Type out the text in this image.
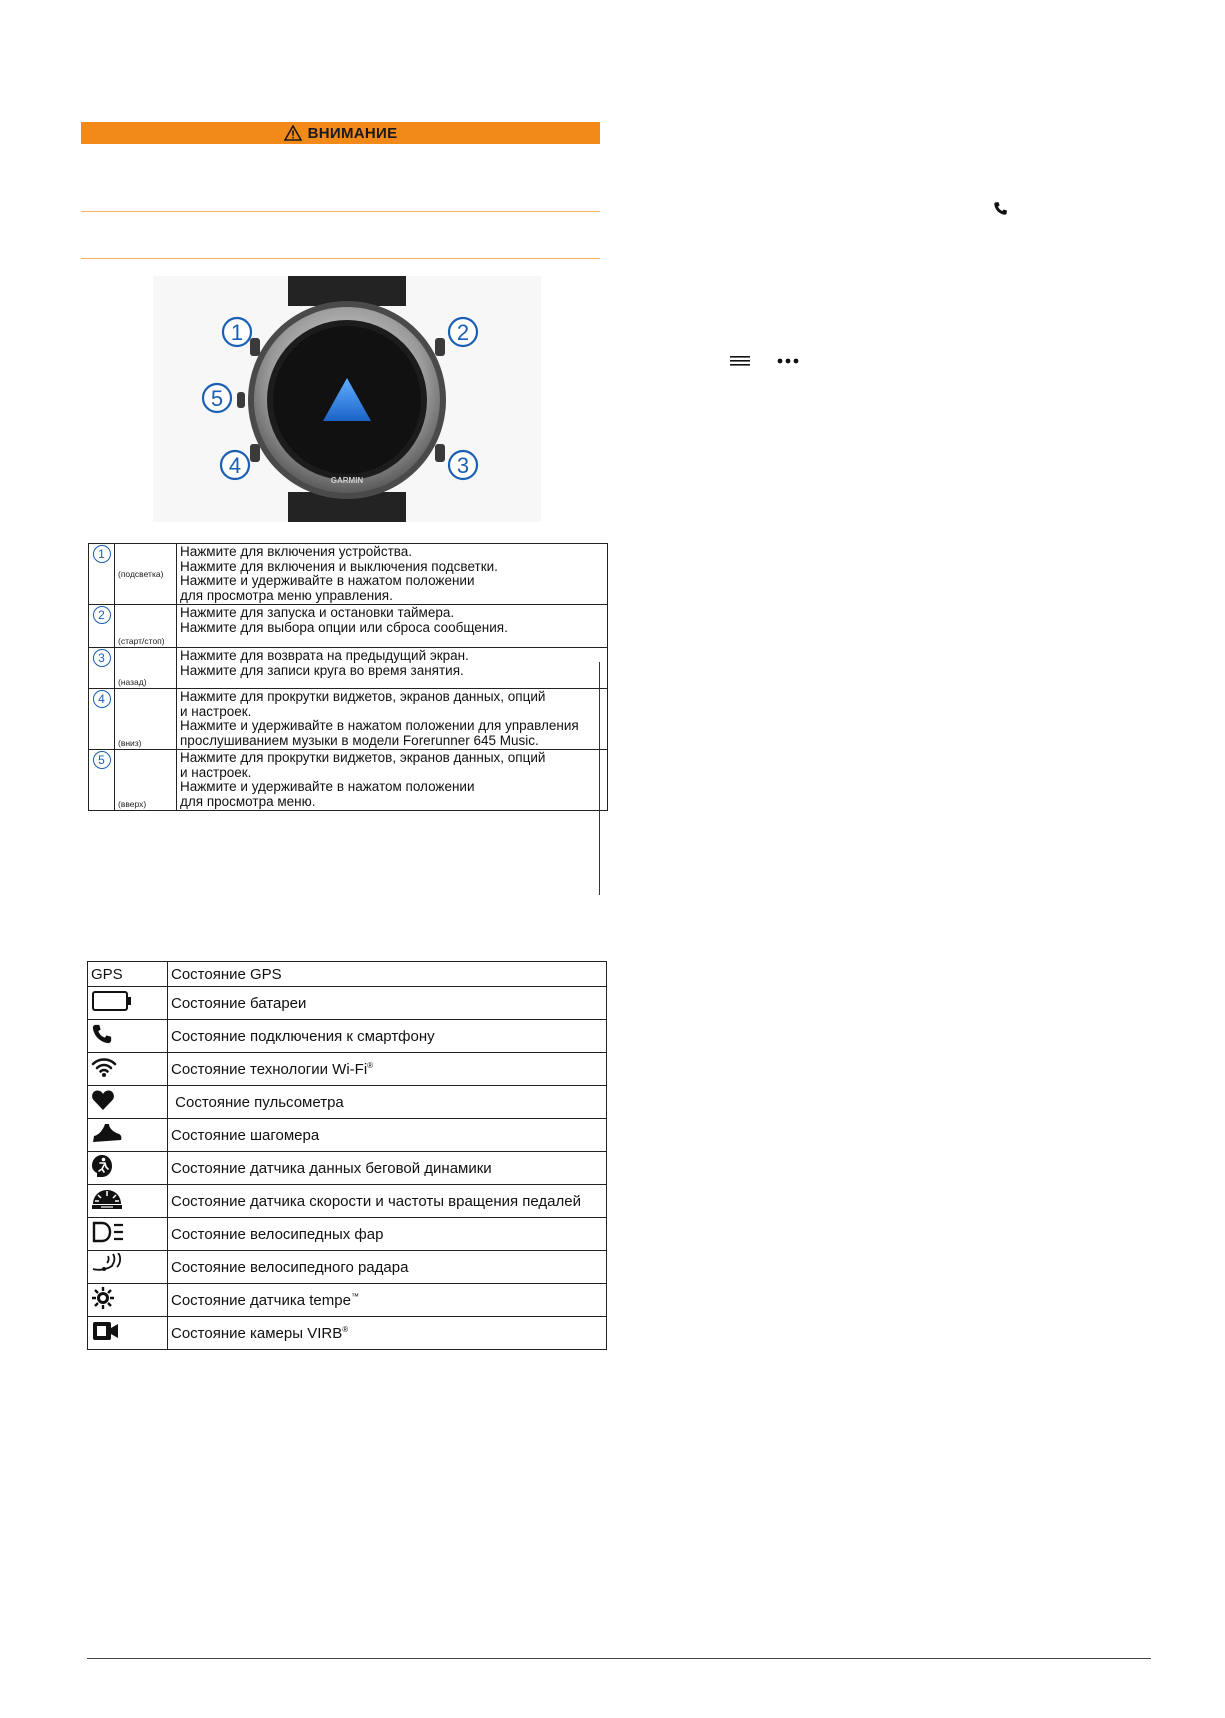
ВНИМАНИЕ
GARMIN
1	2
3
4
5
1	(подсветка)	Нажмите для включения устройства.
Нажмите для включения и выключения подсветки.
Нажмите и удерживайте в нажатом положении
для просмотра меню управления.

2	(старт/стоп)	Нажмите для запуска и остановки таймера.
Нажмите для выбора опции или сброса сообщения.

3	(назад)	Нажмите для возврата на предыдущий экран.
Нажмите для записи круга во время занятия.

4	(вниз)	Нажмите для прокрутки виджетов, экранов данных, опций
и настроек.
Нажмите и удерживайте в нажатом положении для управления
прослушиванием музыки в модели Forerunner 645 Music.

5	(вверх)	Нажмите для прокрутки виджетов, экранов данных, опций
и настроек.
Нажмите и удерживайте в нажатом положении
для просмотра меню.
GPS	Состояние GPS
	Состояние батареи
	Состояние подключения к смартфону
	Состояние технологии Wi-Fi®
	Состояние пульсометра
	Состояние шагомера
	Состояние датчика данных беговой динамики
	Состояние датчика скорости и частоты вращения педалей
	Состояние велосипедных фар
	Состояние велосипедного радара
	Состояние датчика tempe™
	Состояние камеры VIRB®
